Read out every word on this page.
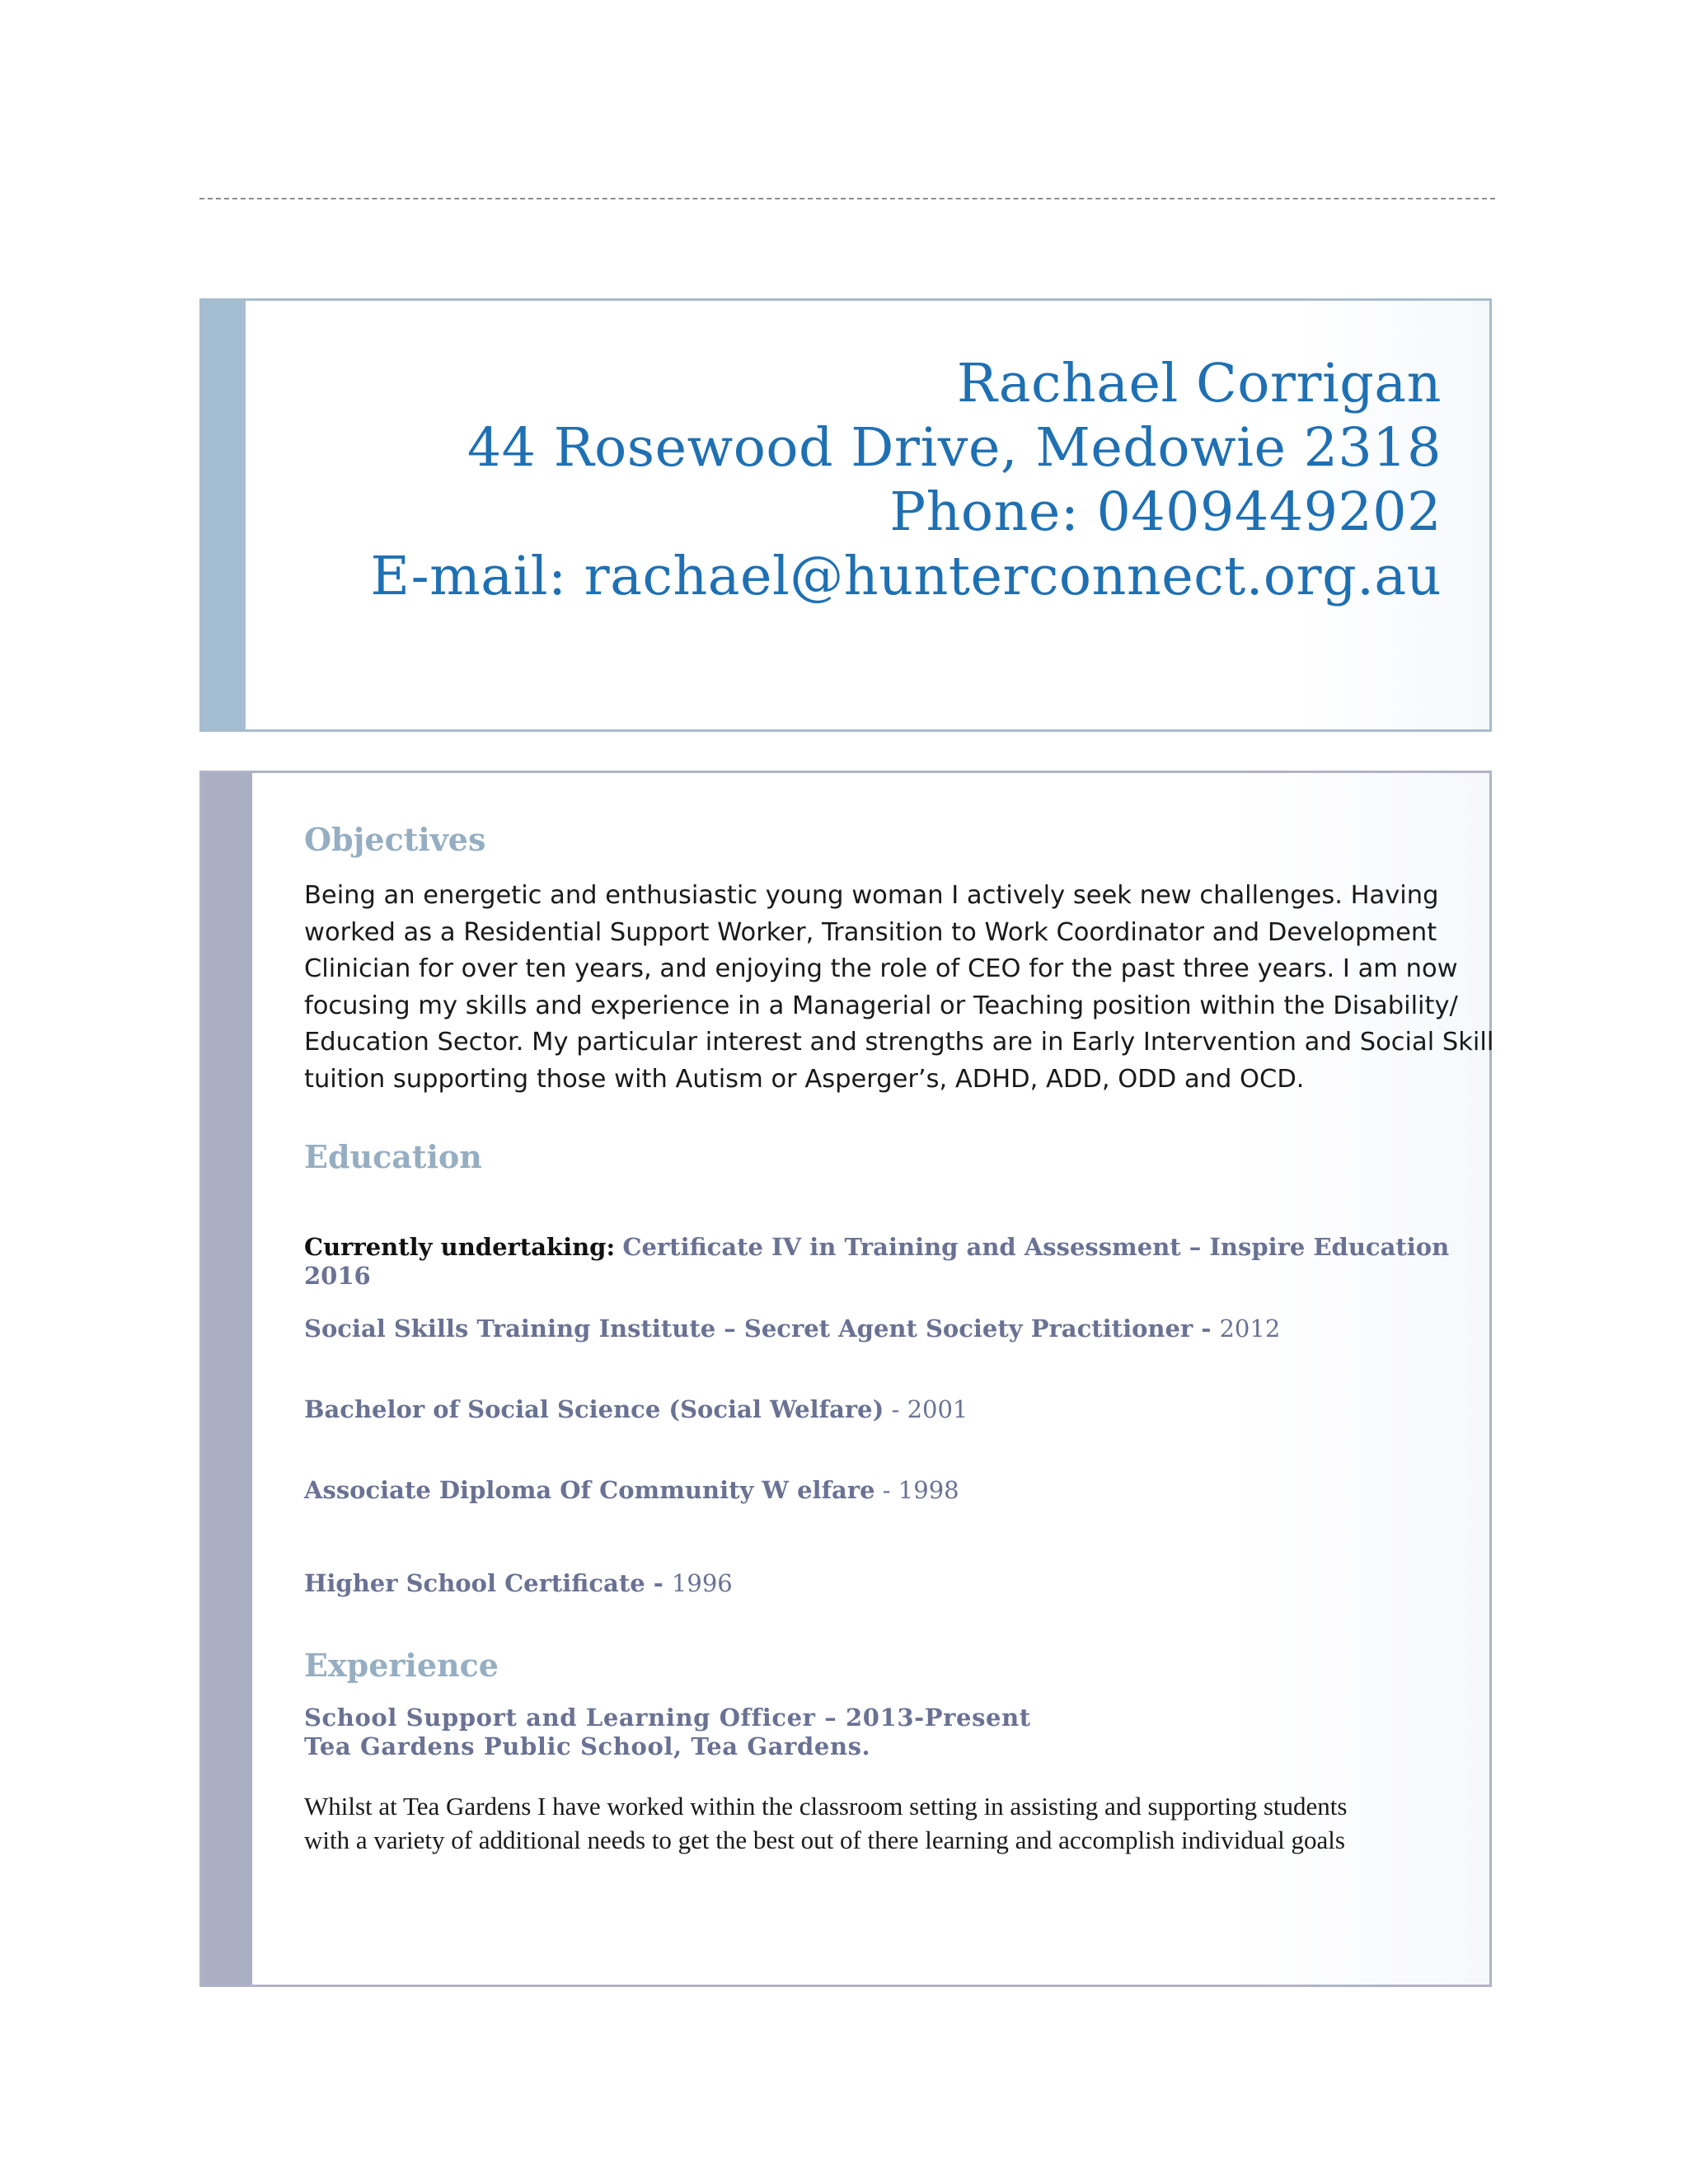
Rachael Corrigan
44 Rosewood Drive, Medowie 2318
Phone: 0409449202
E-mail: rachael@hunterconnect.org.au
Objectives
Being an energetic and enthusiastic young woman I actively seek new challenges. Having
worked as a Residential Support Worker, Transition to Work Coordinator and Development
Clinician for over ten years, and enjoying the role of CEO for the past three years. I am now
focusing my skills and experience in a Managerial or Teaching position within the Disability/
Education Sector. My particular interest and strengths are in Early Intervention and Social Skill
tuition supporting those with Autism or Asperger’s, ADHD, ADD, ODD and OCD.
Education
Currently undertaking: Certificate IV in Training and Assessment – Inspire Education
2016
Social Skills Training Institute – Secret Agent Society Practitioner - 2012
Bachelor of Social Science (Social Welfare) - 2001
Associate Diploma Of Community W elfare - 1998
Higher School Certificate - 1996
Experience
School Support and Learning Officer – 2013-Present
Tea Gardens Public School, Tea Gardens.
Whilst at Tea Gardens I have worked within the classroom setting in assisting and supporting students
with a variety of additional needs to get the best out of there learning and accomplish individual goals
